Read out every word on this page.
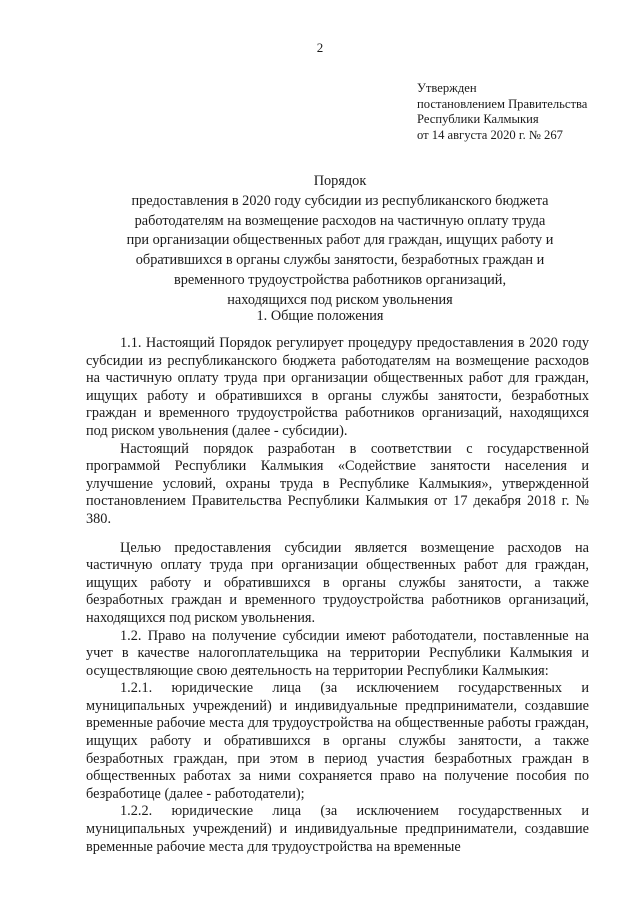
2
Утвержден
постановлением Правительства
Республики Калмыкия
от 14 августа 2020 г. № 267
Порядок
предоставления в 2020 году субсидии из республиканского бюджета
работодателям на возмещение расходов на частичную оплату труда
при организации общественных работ для граждан, ищущих работу и
обратившихся в органы службы занятости, безработных граждан и
временного трудоустройства работников организаций,
находящихся под риском увольнения
1. Общие положения

1.1. Настоящий Порядок регулирует процедуру предоставления в 2020 году субсидии из республиканского бюджета работодателям на возмещение расходов на частичную оплату труда при организации общественных работ для граждан, ищущих работу и обратившихся в органы службы занятости, безработных граждан и временного трудоустройства работников организаций, находящихся под риском увольнения (далее - субсидии).

Настоящий порядок разработан в соответствии с государственной программой Республики Калмыкия «Содействие занятости населения и улучшение условий, охраны труда в Республике Калмыкия», утвержденной постановлением Правительства Республики Калмыкия от 17 декабря 2018 г. № 380.

Целью предоставления субсидии является возмещение расходов на частичную оплату труда при организации общественных работ для граждан, ищущих работу и обратившихся в органы службы занятости, а также безработных граждан и временного трудоустройства работников организаций, находящихся под риском увольнения.

1.2. Право на получение субсидии имеют работодатели, поставленные на учет в качестве налогоплательщика на территории Республики Калмыкия и осуществляющие свою деятельность на территории Республики Калмыкия:

1.2.1. юридические лица (за исключением государственных и муниципальных учреждений) и индивидуальные предприниматели, создавшие временные рабочие места для трудоустройства на общественные работы граждан, ищущих работу и обратившихся в органы службы занятости, а также безработных граждан, при этом в период участия безработных граждан в общественных работах за ними сохраняется право на получение пособия по безработице (далее - работодатели);

1.2.2. юридические лица (за исключением государственных и муниципальных учреждений) и индивидуальные предприниматели, создавшие временные рабочие места для трудоустройства на временные
